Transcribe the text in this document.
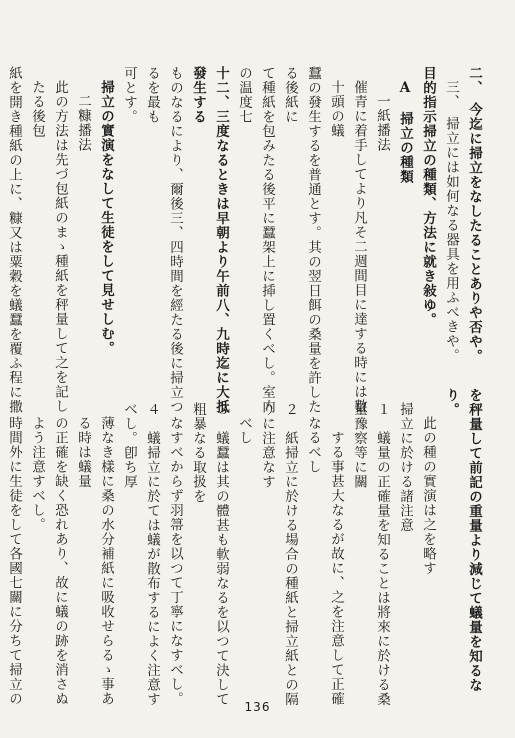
二、　今迄に掃立をなしたることありや否や。
三、　掃立には如何なる器具を用ふべきや。
目的指示掃立の種類、方法に就き敍ゆ。
A　掃立の種類
一紙播法
催青に着手してより凡そ二週間目に達する時には數十頭の蟻
蠶の發生するを普通とす。其の翌日餌の桑量を許したる後紙に
て種紙を包みたる後平に蠶架上に揷し置くべし。室内の温度七
十二、三度なるときは早朝より午前八、九時迄に大抵發生する
ものなるにより、爾後三、四時間を經たる後に掃立つるを最も
可とす。
掃立の實演をなして生徒をして見せしむ。
二糠播法
此の方法は先づ包紙のまゝ種紙を秤量して之を記したる後包
紙を開き種紙の上に、糠又は粟穀を蟻蠶を覆ふ程に撒	を秤量して前記の重量より減じて蟻量を知るなり。
此の種の實演は之を略す
掃立に於ける諸注意
１　蟻量の正確量を知ることは將來に於ける桑量豫察等に關
　する事甚大なるが故に、之を注意して正確なるべし
２　紙掃立に於ける場合の種紙と掃立紙との隔りに注意なす
べし
３　蟻蠶は其の體甚も軟弱なるを以つて決して粗暴なる取扱を
なすべからず羽箒を以つて丁寧になすべし。
４　蟻掃立に於ては蟻が散布するによく注意すべし。卽ち厚
薄なき樣に桑の水分補紙に吸收せらるゝ事ある時は蟻量
の正確を缺く恐れあり、故に蟻の跡を消さぬよう注意すべし。
時間外に生徒をして各國七關に分ちて掃立の
136
